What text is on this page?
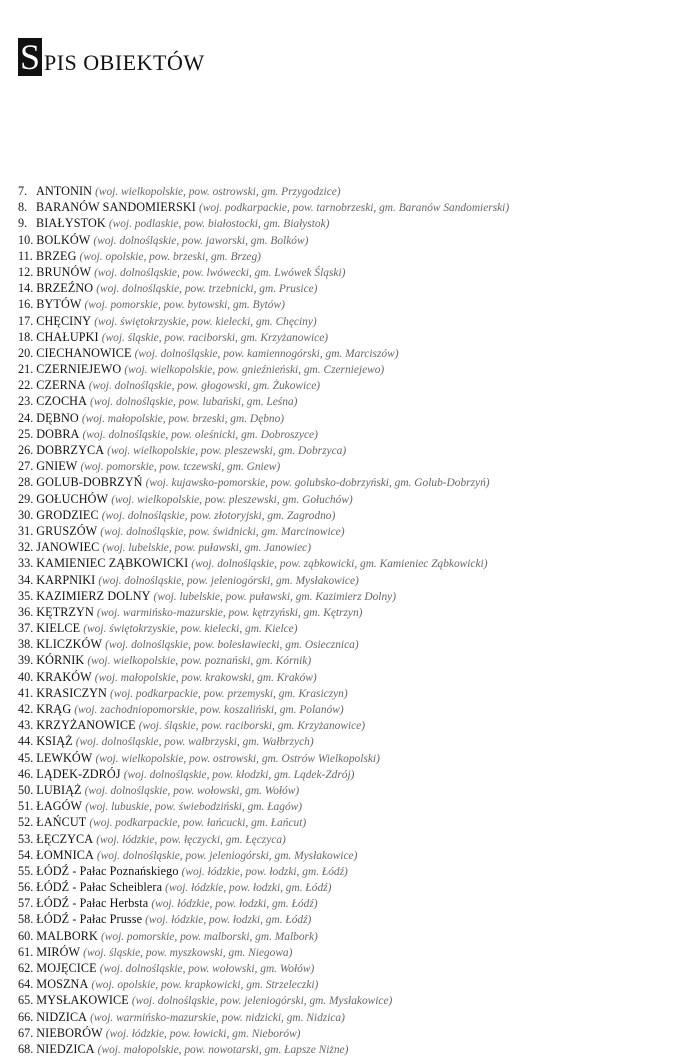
S PIS OBIEKTÓW
7. ANTONIN (woj. wielkopolskie, pow. ostrowski, gm. Przygodzice)
8. BARANÓW SANDOMIERSKI (woj. podkarpackie, pow. tarnobrzeski, gm. Baranów Sandomierski)
9. BIAŁYSTOK (woj. podlaskie, pow. białostocki, gm. Białystok)
10. BOLKÓW (woj. dolnośląskie, pow. jaworski, gm. Bolków)
11. BRZEG (woj. opolskie, pow. brzeski, gm. Brzeg)
12. BRUNÓW (woj. dolnośląskie, pow. lwówecki, gm. Lwówek Śląski)
14. BRZEŹNO (woj. dolnośląskie, pow. trzebnicki, gm. Prusice)
16. BYTÓW (woj. pomorskie, pow. bytowski, gm. Bytów)
17. CHĘCINY (woj. świętokrzyskie, pow. kielecki, gm. Chęciny)
18. CHAŁUPKI (woj. śląskie, pow. raciborski, gm. Krzyżanowice)
20. CIECHANOWICE (woj. dolnośląskie, pow. kamiennogórski, gm. Marciszów)
21. CZERNIEJEWO (woj. wielkopolskie, pow. gnieźnieński, gm. Czerniejewo)
22. CZERNA (woj. dolnośląskie, pow. głogowski, gm. Żukowice)
23. CZOCHA (woj. dolnośląskie, pow. lubański, gm. Leśna)
24. DĘBNO (woj. małopolskie, pow. brzeski, gm. Dębno)
25. DOBRA (woj. dolnośląskie, pow. oleśnicki, gm. Dobroszyce)
26. DOBRZYCA (woj. wielkopolskie, pow. pleszewski, gm. Dobrzyca)
27. GNIEW (woj. pomorskie, pow. tczewski, gm. Gniew)
28. GOLUB-DOBRZYŃ (woj. kujawsko-pomorskie, pow. golubsko-dobrzyński, gm. Golub-Dobrzyń)
29. GOŁUCHÓW (woj. wielkopolskie, pow. pleszewski, gm. Gołuchów)
30. GRODZIEC (woj. dolnośląskie, pow. złotoryjski, gm. Zagrodno)
31. GRUSZÓW (woj. dolnośląskie, pow. świdnicki, gm. Marcinowice)
32. JANOWIEC (woj. lubelskie, pow. puławski, gm. Janowiec)
33. KAMIENIEC ZĄBKOWICKI (woj. dolnośląskie, pow. ząbkowicki, gm. Kamieniec Ząbkowicki)
34. KARPNIKI (woj. dolnośląskie, pow. jeleniogórski, gm. Mysłakowice)
35. KAZIMIERZ DOLNY (woj. lubelskie, pow. puławski, gm. Kazimierz Dolny)
36. KĘTRZYN (woj. warmińsko-mazurskie, pow. kętrzyński, gm. Kętrzyn)
37. KIELCE (woj. świętokrzyskie, pow. kielecki, gm. Kielce)
38. KLICZKÓW (woj. dolnośląskie, pow. bolesławiecki, gm. Osiecznica)
39. KÓRNIK (woj. wielkopolskie, pow. poznański, gm. Kórnik)
40. KRAKÓW (woj. małopolskie, pow. krakowski, gm. Kraków)
41. KRASICZYN (woj. podkarpackie, pow. przemyski, gm. Krasiczyn)
42. KRĄG (woj. zachodniopomorskie, pow. koszaliński, gm. Polanów)
43. KRZYŻANOWICE (woj. śląskie, pow. raciborski, gm. Krzyżanowice)
44. KSIĄŻ (woj. dolnośląskie, pow. wałbrzyski, gm. Wałbrzych)
45. LEWKÓW (woj. wielkopolskie, pow. ostrowski, gm. Ostrów Wielkopolski)
46. LĄDEK-ZDRÓJ (woj. dolnośląskie, pow. kłodzki, gm. Lądek-Zdrój)
50. LUBIĄŻ (woj. dolnośląskie, pow. wołowski, gm. Wołów)
51. ŁAGÓW (woj. lubuskie, pow. świebodziński, gm. Łagów)
52. ŁAŃCUT (woj. podkarpackie, pow. łańcucki, gm. Łańcut)
53. ŁĘCZYCA (woj. łódzkie, pow. łęczycki, gm. Łęczyca)
54. ŁOMNICA (woj. dolnośląskie, pow. jeleniogórski, gm. Mysłakowice)
55. ŁÓDŹ - Pałac Poznańskiego (woj. łódzkie, pow. łodzki, gm. Łódź)
56. ŁÓDŹ - Pałac Scheiblera (woj. łódzkie, pow. łodzki, gm. Łódź)
57. ŁÓDŹ - Pałac Herbsta (woj. łódzkie, pow. łodzki, gm. Łódź)
58. ŁÓDŹ - Pałac Prusse (woj. łódzkie, pow. łodzki, gm. Łódź)
60. MALBORK (woj. pomorskie, pow. malborski, gm. Malbork)
61. MIRÓW (woj. śląskie, pow. myszkowski, gm. Niegowa)
62. MOJĘCICE (woj. dolnośląskie, pow. wołowski, gm. Wołów)
64. MOSZNA (woj. opolskie, pow. krapkowicki, gm. Strzeleczki)
65. MYSŁAKOWICE (woj. dolnośląskie, pow. jeleniogórski, gm. Mysłakowice)
66. NIDZICA (woj. warmińsko-mazurskie, pow. nidzicki, gm. Nidzica)
67. NIEBORÓW (woj. łódzkie, pow. łowicki, gm. Nieborów)
68. NIEDZICA (woj. małopolskie, pow. nowotarski, gm. Łapsze Niżne)
